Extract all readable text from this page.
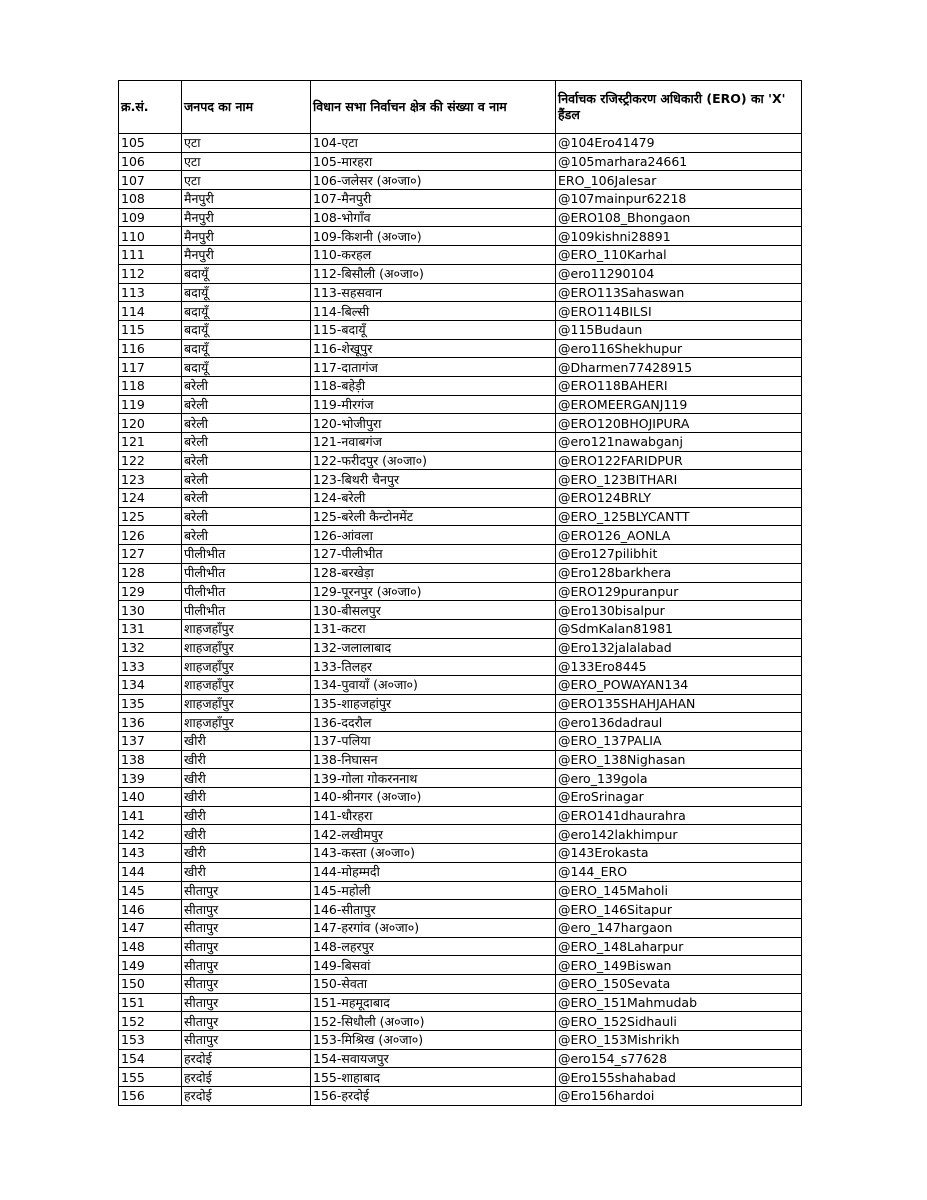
क्र.सं.	जनपद का नाम	विधान सभा निर्वाचन क्षेत्र की संख्या व नाम	निर्वाचक रजिस्ट्रीकरण अधिकारी (ERO) का 'X' हैंडल
105	एटा	104-एटा	@104Ero41479
106	एटा	105-मारहरा	@105marhara24661
107	एटा	106-जलेसर (अ०जा०)	ERO_106Jalesar
108	मैनपुरी	107-मैनपुरी	@107mainpur62218
109	मैनपुरी	108-भोगाँव	@ERO108_Bhongaon
110	मैनपुरी	109-किशनी (अ०जा०)	@109kishni28891
111	मैनपुरी	110-करहल	@ERO_110Karhal
112	बदायूँ	112-बिसौली (अ०जा०)	@ero11290104
113	बदायूँ	113-सहसवान	@ERO113Sahaswan
114	बदायूँ	114-बिल्सी	@ERO114BILSI
115	बदायूँ	115-बदायूँ	@115Budaun
116	बदायूँ	116-शेखूपुर	@ero116Shekhupur
117	बदायूँ	117-दातागंज	@Dharmen77428915
118	बरेली	118-बहेड़ी	@ERO118BAHERI
119	बरेली	119-मीरगंज	@EROMEERGANJ119
120	बरेली	120-भोजीपुरा	@ERO120BHOJIPURA
121	बरेली	121-नवाबगंज	@ero121nawabganj
122	बरेली	122-फरीदपुर (अ०जा०)	@ERO122FARIDPUR
123	बरेली	123-बिथरी चैनपुर	@ERO_123BITHARI
124	बरेली	124-बरेली	@ERO124BRLY
125	बरेली	125-बरेली कैन्टोनमेंट	@ERO_125BLYCANTT
126	बरेली	126-आंवला	@ERO126_AONLA
127	पीलीभीत	127-पीलीभीत	@Ero127pilibhit
128	पीलीभीत	128-बरखेड़ा	@Ero128barkhera
129	पीलीभीत	129-पूरनपुर (अ०जा०)	@ERO129puranpur
130	पीलीभीत	130-बीसलपुर	@Ero130bisalpur
131	शाहजहाँपुर	131-कटरा	@SdmKalan81981
132	शाहजहाँपुर	132-जलालाबाद	@Ero132jalalabad
133	शाहजहाँपुर	133-तिलहर	@133Ero8445
134	शाहजहाँपुर	134-पुवायाँ (अ०जा०)	@ERO_POWAYAN134
135	शाहजहाँपुर	135-शाहजहांपुर	@ERO135SHAHJAHAN
136	शाहजहाँपुर	136-ददरौल	@ero136dadraul
137	खीरी	137-पलिया	@ERO_137PALIA
138	खीरी	138-निघासन	@ERO_138Nighasan
139	खीरी	139-गोला गोकरननाथ	@ero_139gola
140	खीरी	140-श्रीनगर (अ०जा०)	@EroSrinagar
141	खीरी	141-धौरहरा	@ERO141dhaurahra
142	खीरी	142-लखीमपुर	@ero142lakhimpur
143	खीरी	143-कस्ता (अ०जा०)	@143Erokasta
144	खीरी	144-मोहम्मदी	@144_ERO
145	सीतापुर	145-महोली	@ERO_145Maholi
146	सीतापुर	146-सीतापुर	@ERO_146Sitapur
147	सीतापुर	147-हरगांव (अ०जा०)	@ero_147hargaon
148	सीतापुर	148-लहरपुर	@ERO_148Laharpur
149	सीतापुर	149-बिसवां	@ERO_149Biswan
150	सीतापुर	150-सेवता	@ERO_150Sevata
151	सीतापुर	151-महमूदाबाद	@ERO_151Mahmudab
152	सीतापुर	152-सिधौली (अ०जा०)	@ERO_152Sidhauli
153	सीतापुर	153-मिश्रिख (अ०जा०)	@ERO_153Mishrikh
154	हरदोई	154-सवायजपुर	@ero154_s77628
155	हरदोई	155-शाहाबाद	@Ero155shahabad
156	हरदोई	156-हरदोई	@Ero156hardoi
